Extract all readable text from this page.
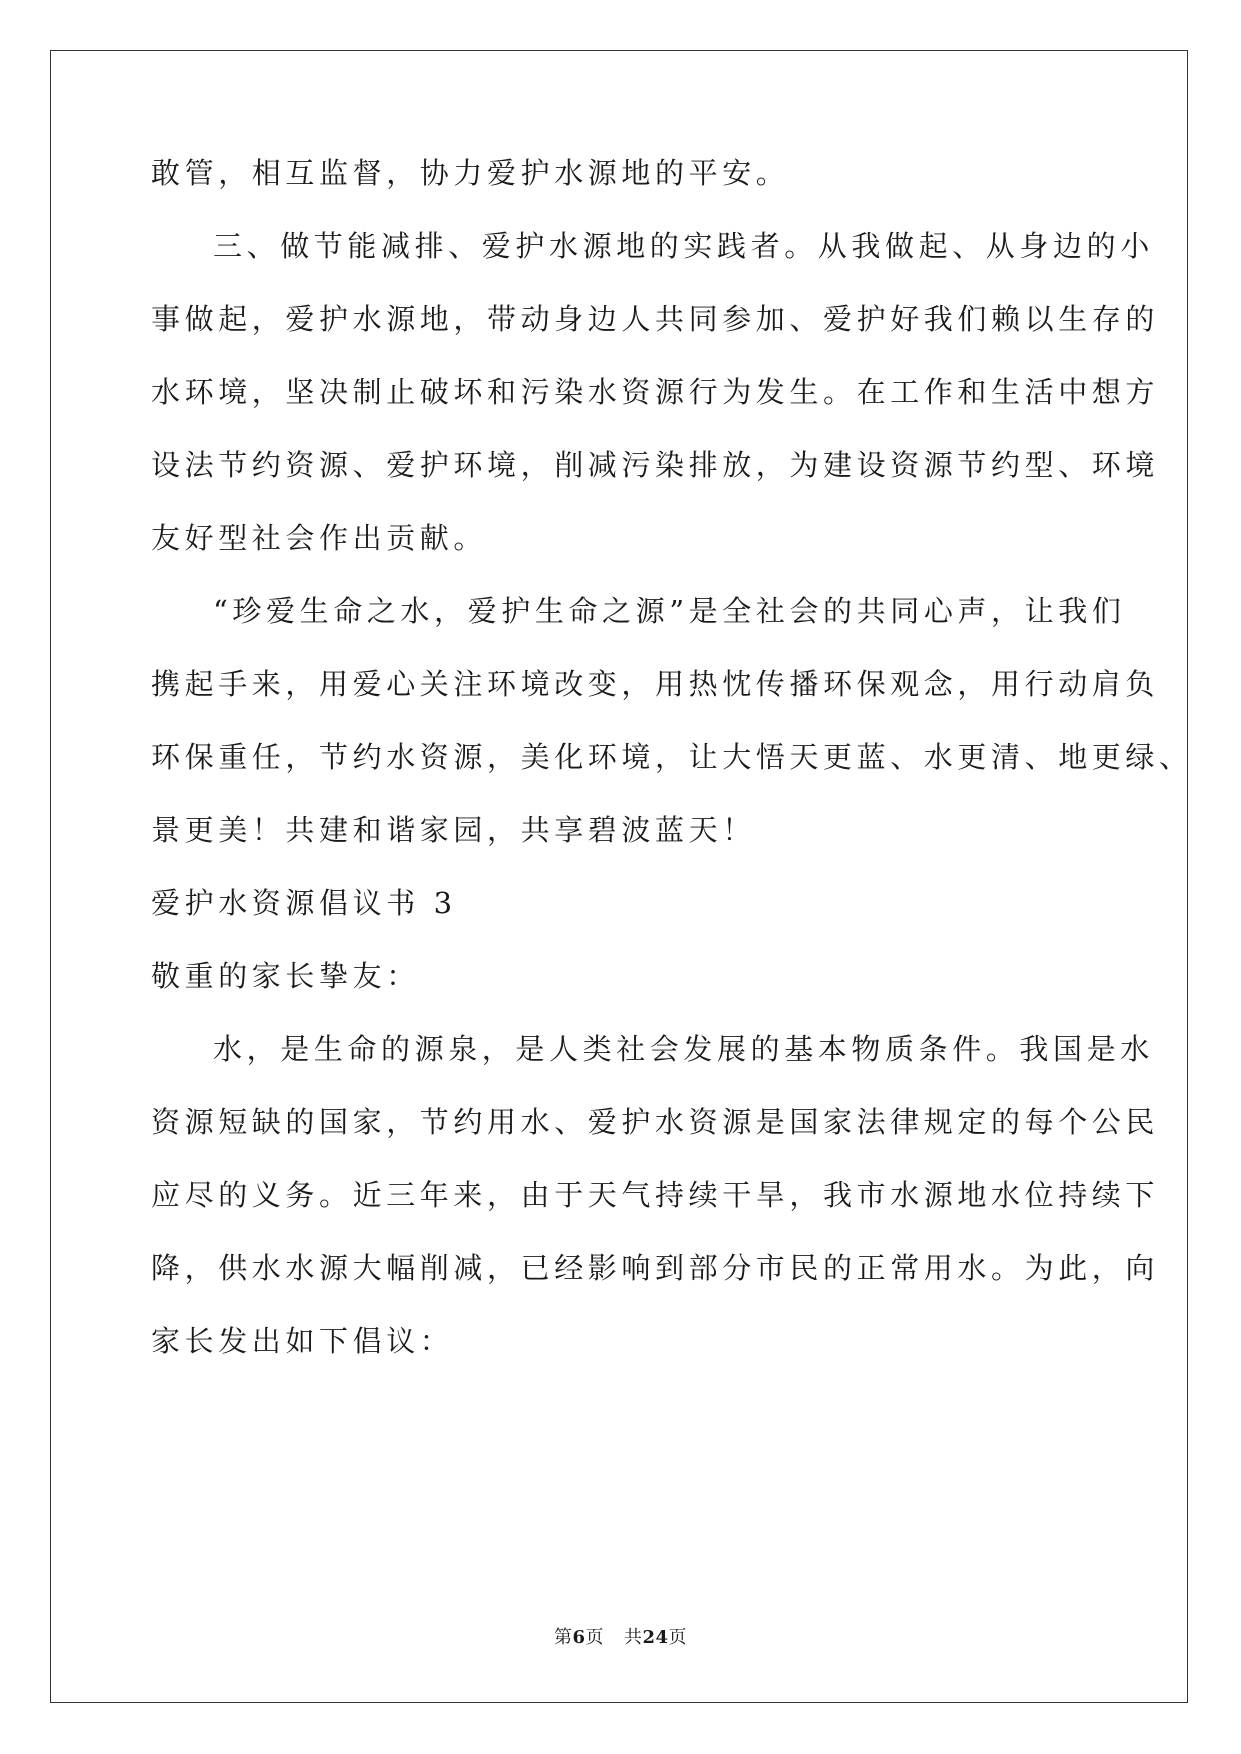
敢管，相互监督，协力爱护水源地的平安。
三、做节能减排、爱护水源地的实践者。从我做起、从身边的小
事做起，爱护水源地，带动身边人共同参加、爱护好我们赖以生存的
水环境，坚决制止破坏和污染水资源行为发生。在工作和生活中想方
设法节约资源、爱护环境，削减污染排放，为建设资源节约型、环境
友好型社会作出贡献。
“珍爱生命之水，爱护生命之源”是全社会的共同心声，让我们
携起手来，用爱心关注环境改变，用热忱传播环保观念，用行动肩负
环保重任，节约水资源，美化环境，让大悟天更蓝、水更清、地更绿、
景更美！共建和谐家园，共享碧波蓝天！
爱护水资源倡议书 3
敬重的家长挚友：
水，是生命的源泉，是人类社会发展的基本物质条件。我国是水
资源短缺的国家，节约用水、爱护水资源是国家法律规定的每个公民
应尽的义务。近三年来，由于天气持续干旱，我市水源地水位持续下
降，供水水源大幅削减，已经影响到部分市民的正常用水。为此，向
家长发出如下倡议：
第6页 共24页
